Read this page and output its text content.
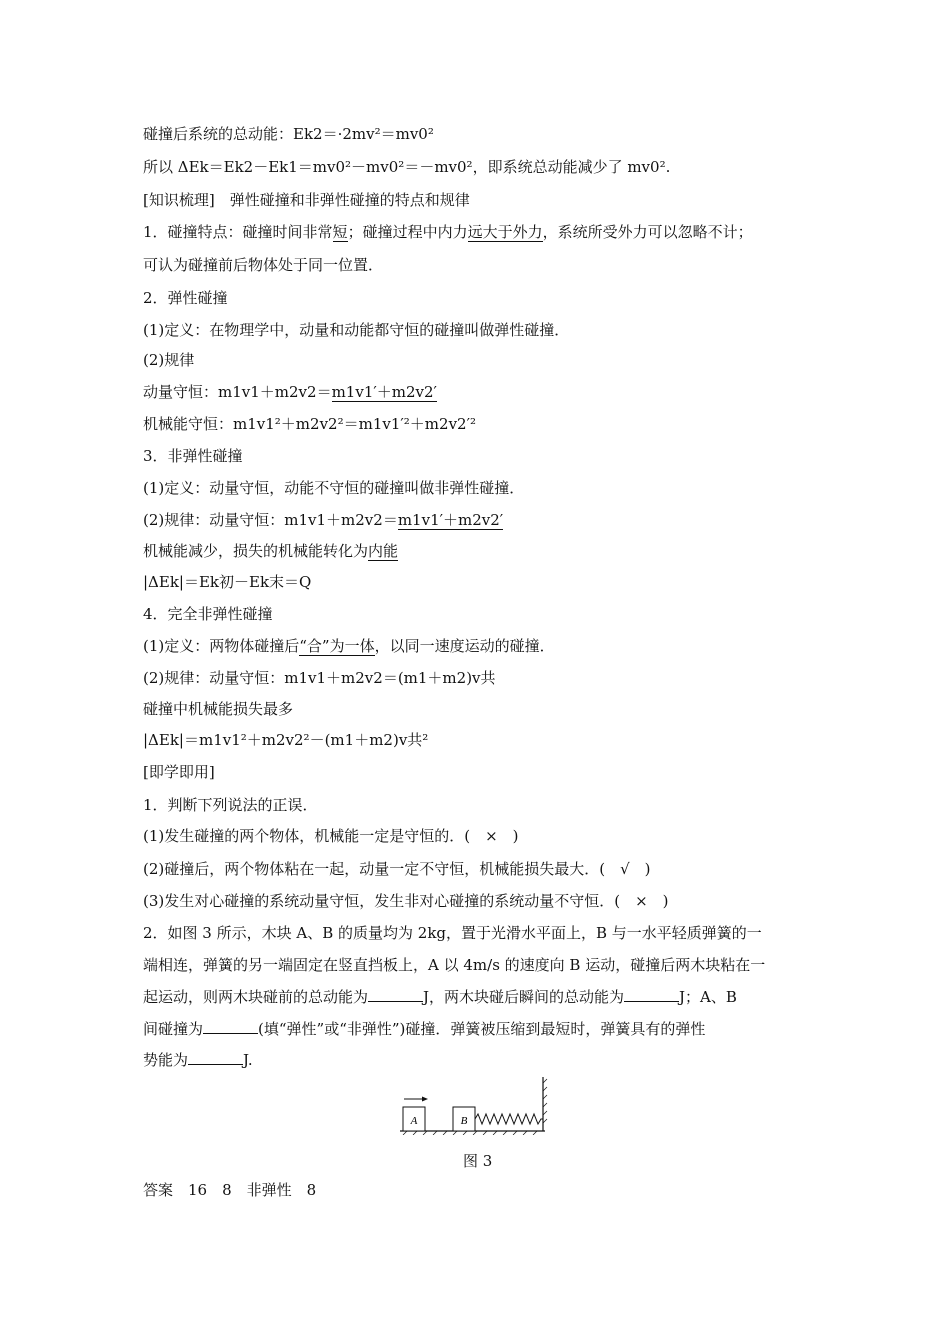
碰撞后系统的总动能：Ek2＝·2mv²＝mv0²
所以 ΔEk＝Ek2－Ek1＝mv0²－mv0²＝－mv0²，即系统总动能减少了 mv0².
[知识梳理]　弹性碰撞和非弹性碰撞的特点和规律
1．碰撞特点：碰撞时间非常短；碰撞过程中内力远大于外力，系统所受外力可以忽略不计；
可认为碰撞前后物体处于同一位置．
2．弹性碰撞
(1)定义：在物理学中，动量和动能都守恒的碰撞叫做弹性碰撞．
(2)规律
动量守恒：m1v1＋m2v2＝m1v1′＋m2v2′
机械能守恒：m1v1²＋m2v2²＝m1v1′²＋m2v2′²
3．非弹性碰撞
(1)定义：动量守恒，动能不守恒的碰撞叫做非弹性碰撞．
(2)规律：动量守恒：m1v1＋m2v2＝m1v1′＋m2v2′
机械能减少，损失的机械能转化为内能
|ΔEk|＝Ek初－Ek末＝Q
4．完全非弹性碰撞
(1)定义：两物体碰撞后“合”为一体，以同一速度运动的碰撞．
(2)规律：动量守恒：m1v1＋m2v2＝(m1＋m2)v共
碰撞中机械能损失最多
|ΔEk|＝m1v1²＋m2v2²－(m1＋m2)v共²
[即学即用]
1．判断下列说法的正误．
(1)发生碰撞的两个物体，机械能一定是守恒的．(　×　)
(2)碰撞后，两个物体粘在一起，动量一定不守恒，机械能损失最大．(　√　)
(3)发生对心碰撞的系统动量守恒，发生非对心碰撞的系统动量不守恒．(　×　)
2．如图 3 所示，木块 A、B 的质量均为 2kg，置于光滑水平面上，B 与一水平轻质弹簧的一
端相连，弹簧的另一端固定在竖直挡板上，A 以 4m/s 的速度向 B 运动，碰撞后两木块粘在一
起运动，则两木块碰前的总动能为	J，两木块碰后瞬间的总动能为	J；A、B
间碰撞为	(填“弹性”或“非弹性”)碰撞．弹簧被压缩到最短时，弹簧具有的弹性
势能为	J.
A	B
图 3
答案　16　8　非弹性　8
